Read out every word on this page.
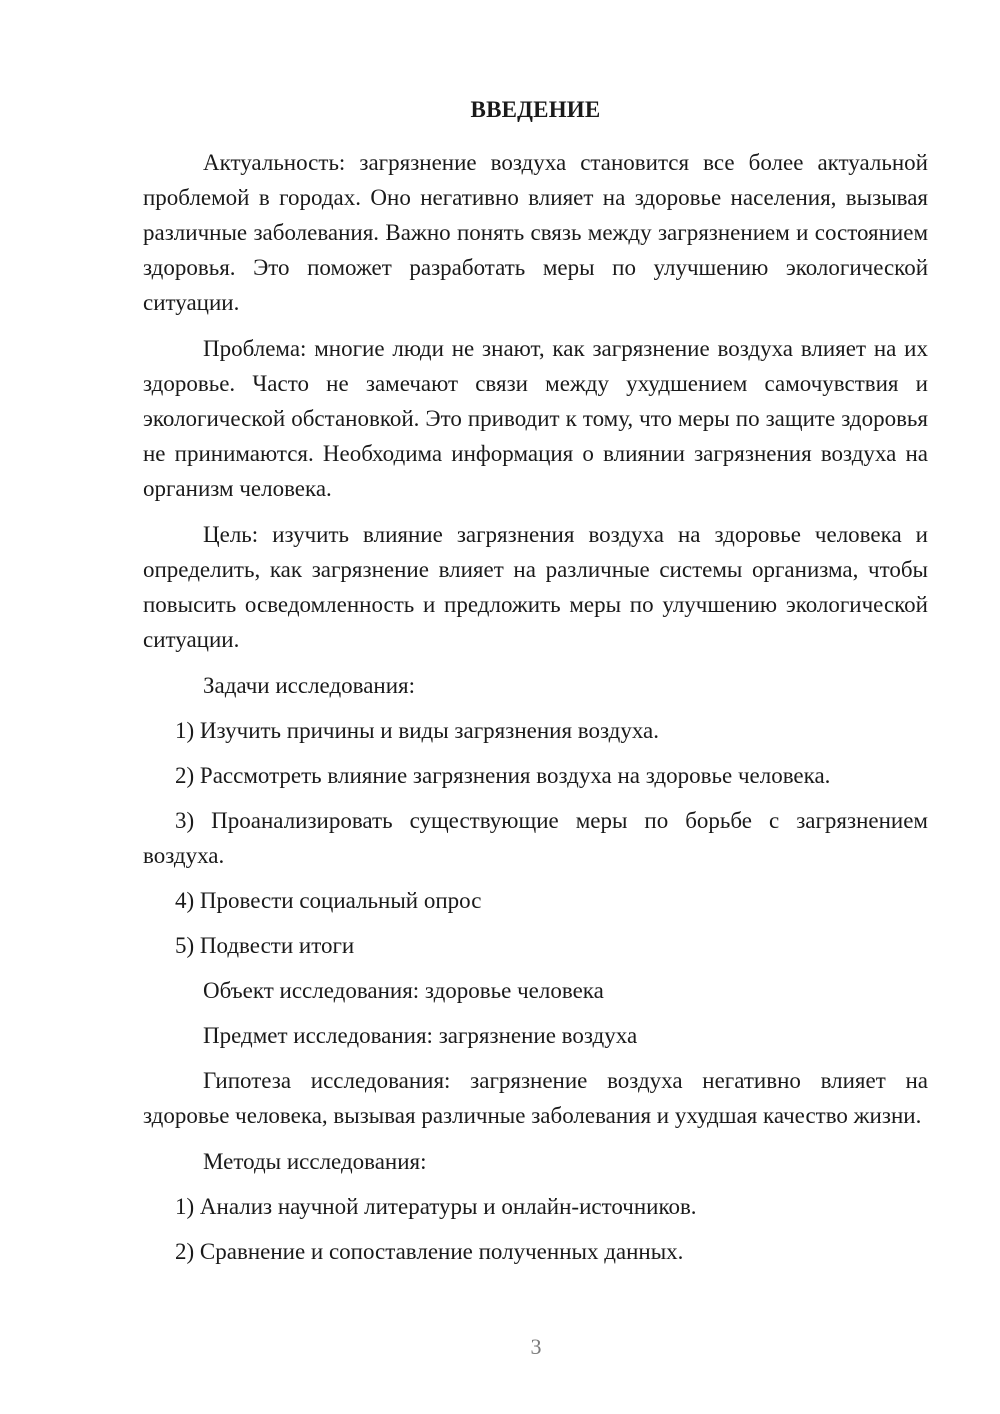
ВВЕДЕНИЕ

Актуальность: загрязнение воздуха становится все более актуальной проблемой в городах. Оно негативно влияет на здоровье населения, вызывая различные заболевания. Важно понять связь между загрязнением и состоянием здоровья. Это поможет разработать меры по улучшению экологической ситуации.

Проблема: многие люди не знают, как загрязнение воздуха влияет на их здоровье. Часто не замечают связи между ухудшением самочувствия и экологической обстановкой. Это приводит к тому, что меры по защите здоровья не принимаются. Необходима информация о влиянии загрязнения воздуха на организм человека.

Цель: изучить влияние загрязнения воздуха на здоровье человека и определить, как загрязнение влияет на различные системы организма, чтобы повысить осведомленность и предложить меры по улучшению экологической ситуации.

Задачи исследования:

1) Изучить причины и виды загрязнения воздуха.

2) Рассмотреть влияние загрязнения воздуха на здоровье человека.

3) Проанализировать существующие меры по борьбе с загрязнением воздуха.

4) Провести социальный опрос

5) Подвести итоги

Объект исследования: здоровье человека

Предмет исследования: загрязнение воздуха

Гипотеза исследования: загрязнение воздуха негативно влияет на здоровье человека, вызывая различные заболевания и ухудшая качество жизни.

Методы исследования:

1) Анализ научной литературы и онлайн-источников.

2) Сравнение и сопоставление полученных данных.

3
